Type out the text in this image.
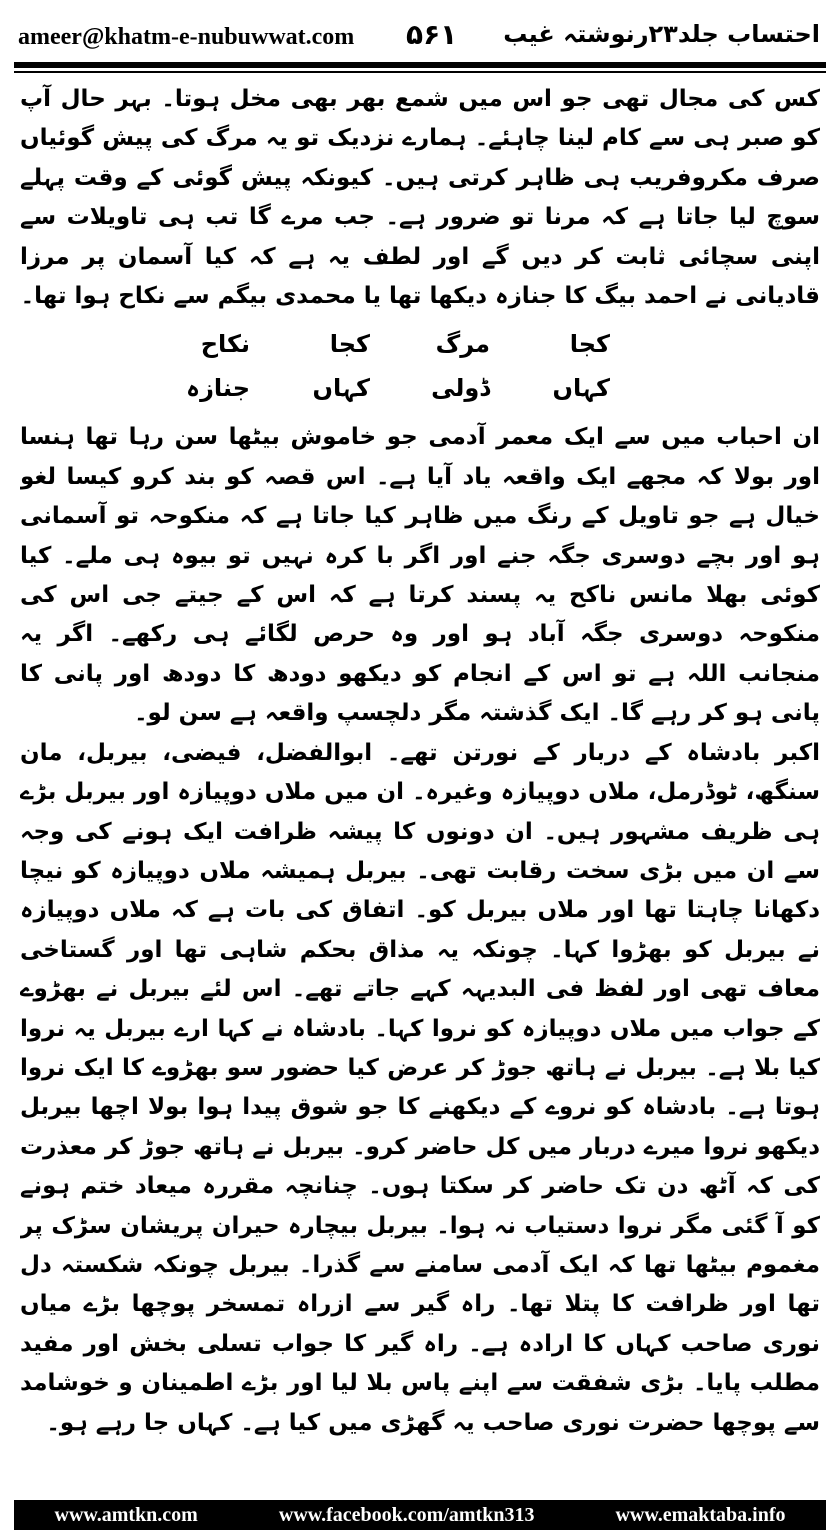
ameer@khatm-e-nubuwwat.com ۵۶۱ احتساب جلد۲۳رنوشتہ غیب

کس کی مجال تھی جو اس میں شمع بھر بھی مخل ہوتا۔ بہر حال آپ کو صبر ہی سے کام لینا چاہئے۔ ہمارے نزدیک تو یہ مرگ کی پیش گوئیاں صرف مکروفریب ہی ظاہر کرتی ہیں۔ کیونکہ پیش گوئی کے وقت پہلے سوچ لیا جاتا ہے کہ مرنا تو ضرور ہے۔ جب مرے گا تب ہی تاویلات سے اپنی سچائی ثابت کر دیں گے اور لطف یہ ہے کہ کیا آسمان پر مرزا قادیانی نے احمد بیگ کا جنازہ دیکھا تھا یا محمدی بیگم سے نکاح ہوا تھا۔

کجا
مرگ
کجا
نکاح
کہاں
ڈولی
کہاں
جنازہ

ان احباب میں سے ایک معمر آدمی جو خاموش بیٹھا سن رہا تھا ہنسا اور بولا کہ مجھے ایک واقعہ یاد آیا ہے۔ اس قصہ کو بند کرو کیسا لغو خیال ہے جو تاویل کے رنگ میں ظاہر کیا جاتا ہے کہ منکوحہ تو آسمانی ہو اور بچے دوسری جگہ جنے اور اگر با کرہ نہیں تو بیوہ ہی ملے۔ کیا کوئی بھلا مانس ناکح یہ پسند کرتا ہے کہ اس کے جیتے جی اس کی منکوحہ دوسری جگہ آباد ہو اور وہ حرص لگائے ہی رکھے۔ اگر یہ منجانب اللہ ہے تو اس کے انجام کو دیکھو دودھ کا دودھ اور پانی کا پانی ہو کر رہے گا۔ ایک گذشتہ مگر دلچسپ واقعہ ہے سن لو۔

اکبر بادشاہ کے دربار کے نورتن تھے۔ ابوالفضل، فیضی، بیربل، مان سنگھ، ٹوڈرمل، ملاں دوپیازہ وغیرہ۔ ان میں ملاں دوپیازہ اور بیربل بڑے ہی ظریف مشہور ہیں۔ ان دونوں کا پیشہ ظرافت ایک ہونے کی وجہ سے ان میں بڑی سخت رقابت تھی۔ بیربل ہمیشہ ملاں دوپیازہ کو نیچا دکھانا چاہتا تھا اور ملاں بیربل کو۔ اتفاق کی بات ہے کہ ملاں دوپیازہ نے بیربل کو بھڑوا کہا۔ چونکہ یہ مذاق بحکم شاہی تھا اور گستاخی معاف تھی اور لفظ فی البدیہہ کہے جاتے تھے۔ اس لئے بیربل نے بھڑوے کے جواب میں ملاں دوپیازہ کو نروا کہا۔ بادشاہ نے کہا ارے بیربل یہ نروا کیا بلا ہے۔ بیربل نے ہاتھ جوڑ کر عرض کیا حضور سو بھڑوے کا ایک نروا ہوتا ہے۔ بادشاہ کو نروے کے دیکھنے کا جو شوق پیدا ہوا بولا اچھا بیربل دیکھو نروا میرے دربار میں کل حاضر کرو۔ بیربل نے ہاتھ جوڑ کر معذرت کی کہ آٹھ دن تک حاضر کر سکتا ہوں۔ چنانچہ مقررہ میعاد ختم ہونے کو آ گئی مگر نروا دستیاب نہ ہوا۔ بیربل بیچارہ حیران پریشان سڑک پر مغموم بیٹھا تھا کہ ایک آدمی سامنے سے گذرا۔ بیربل چونکہ شکستہ دل تھا اور ظرافت کا پتلا تھا۔ راہ گیر سے ازراہ تمسخر پوچھا بڑے میاں نوری صاحب کہاں کا ارادہ ہے۔ راہ گیر کا جواب تسلی بخش اور مفید مطلب پایا۔ بڑی شفقت سے اپنے پاس بلا لیا اور بڑے اطمینان و خوشامد سے پوچھا حضرت نوری صاحب یہ گھڑی میں کیا ہے۔ کہاں جا رہے ہو۔

www.amtkn.com	www.facebook.com/amtkn313	www.emaktaba.info
